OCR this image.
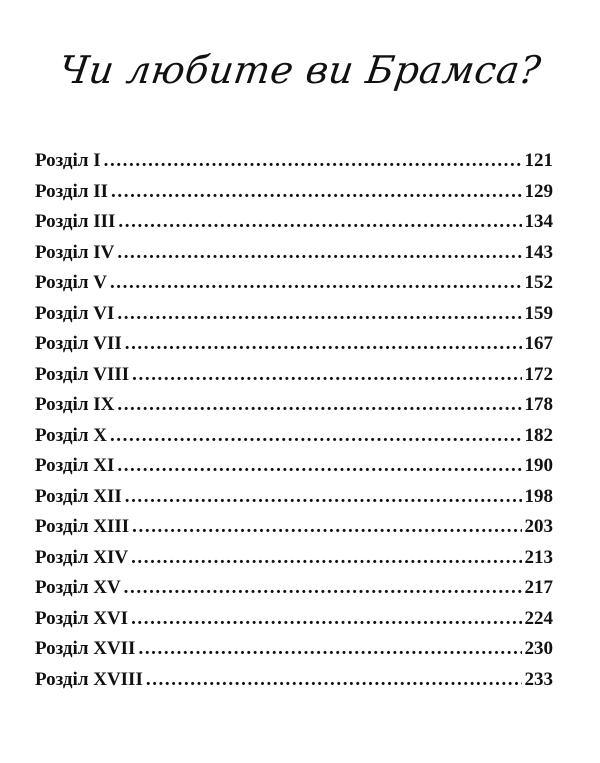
Чи любите ви Брамса?
Розділ I .....	121
Розділ II .....	129
Розділ III .....	134
Розділ IV .....	143
Розділ V .....	152
Розділ VI .....	159
Розділ VII .....	167
Розділ VIII .....	172
Розділ IX .....	178
Розділ X .....	182
Розділ XI .....	190
Розділ XII .....	198
Розділ XIII .....	203
Розділ XIV .....	213
Розділ XV .....	217
Розділ XVI .....	224
Розділ XVII .....	230
Розділ XVIII .....	233
